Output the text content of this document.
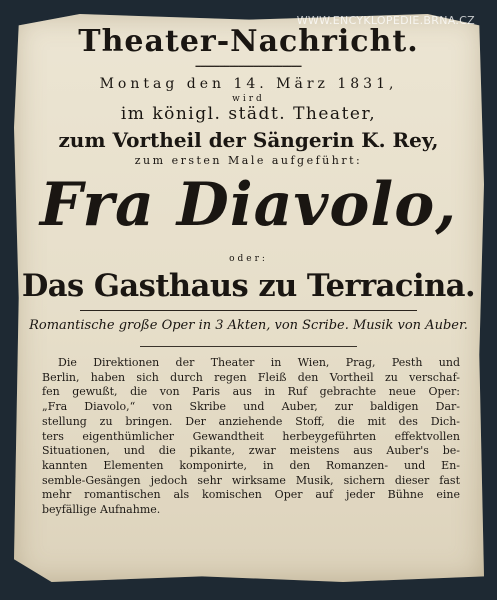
WWW.ENCYKLOPEDIE.BRNA.CZ
Theater-Nachricht.
━━━━━━━━━━━━━━━━━━━━━━
Montag den 14. März 1831,
wird
im königl. städt. Theater,
zum Vortheil der Sängerin K. Rey,
zum ersten Male aufgeführt:
Fra Diavolo,
oder:
Das Gasthaus zu Terracina.
Romantische große Oper in 3 Akten, von Scribe. Musik von Auber.
Die Direktionen der Theater in Wien, Prag, Pesth und
Berlin, haben sich durch regen Fleiß den Vortheil zu verschaf-
fen gewußt, die von Paris aus in Ruf gebrachte neue Oper:
„Fra Diavolo,“ von Skribe und Auber, zur baldigen Dar-
stellung zu bringen. Der anziehende Stoff, die mit des Dich-
ters eigenthümlicher Gewandtheit herbeygeführten effektvollen
Situationen, und die pikante, zwar meistens aus Auber's be-
kannten Elementen komponirte, in den Romanzen- und En-
semble-Gesängen jedoch sehr wirksame Musik, sichern dieser fast
mehr romantischen als komischen Oper auf jeder Bühne eine
beyfällige Aufnahme.
